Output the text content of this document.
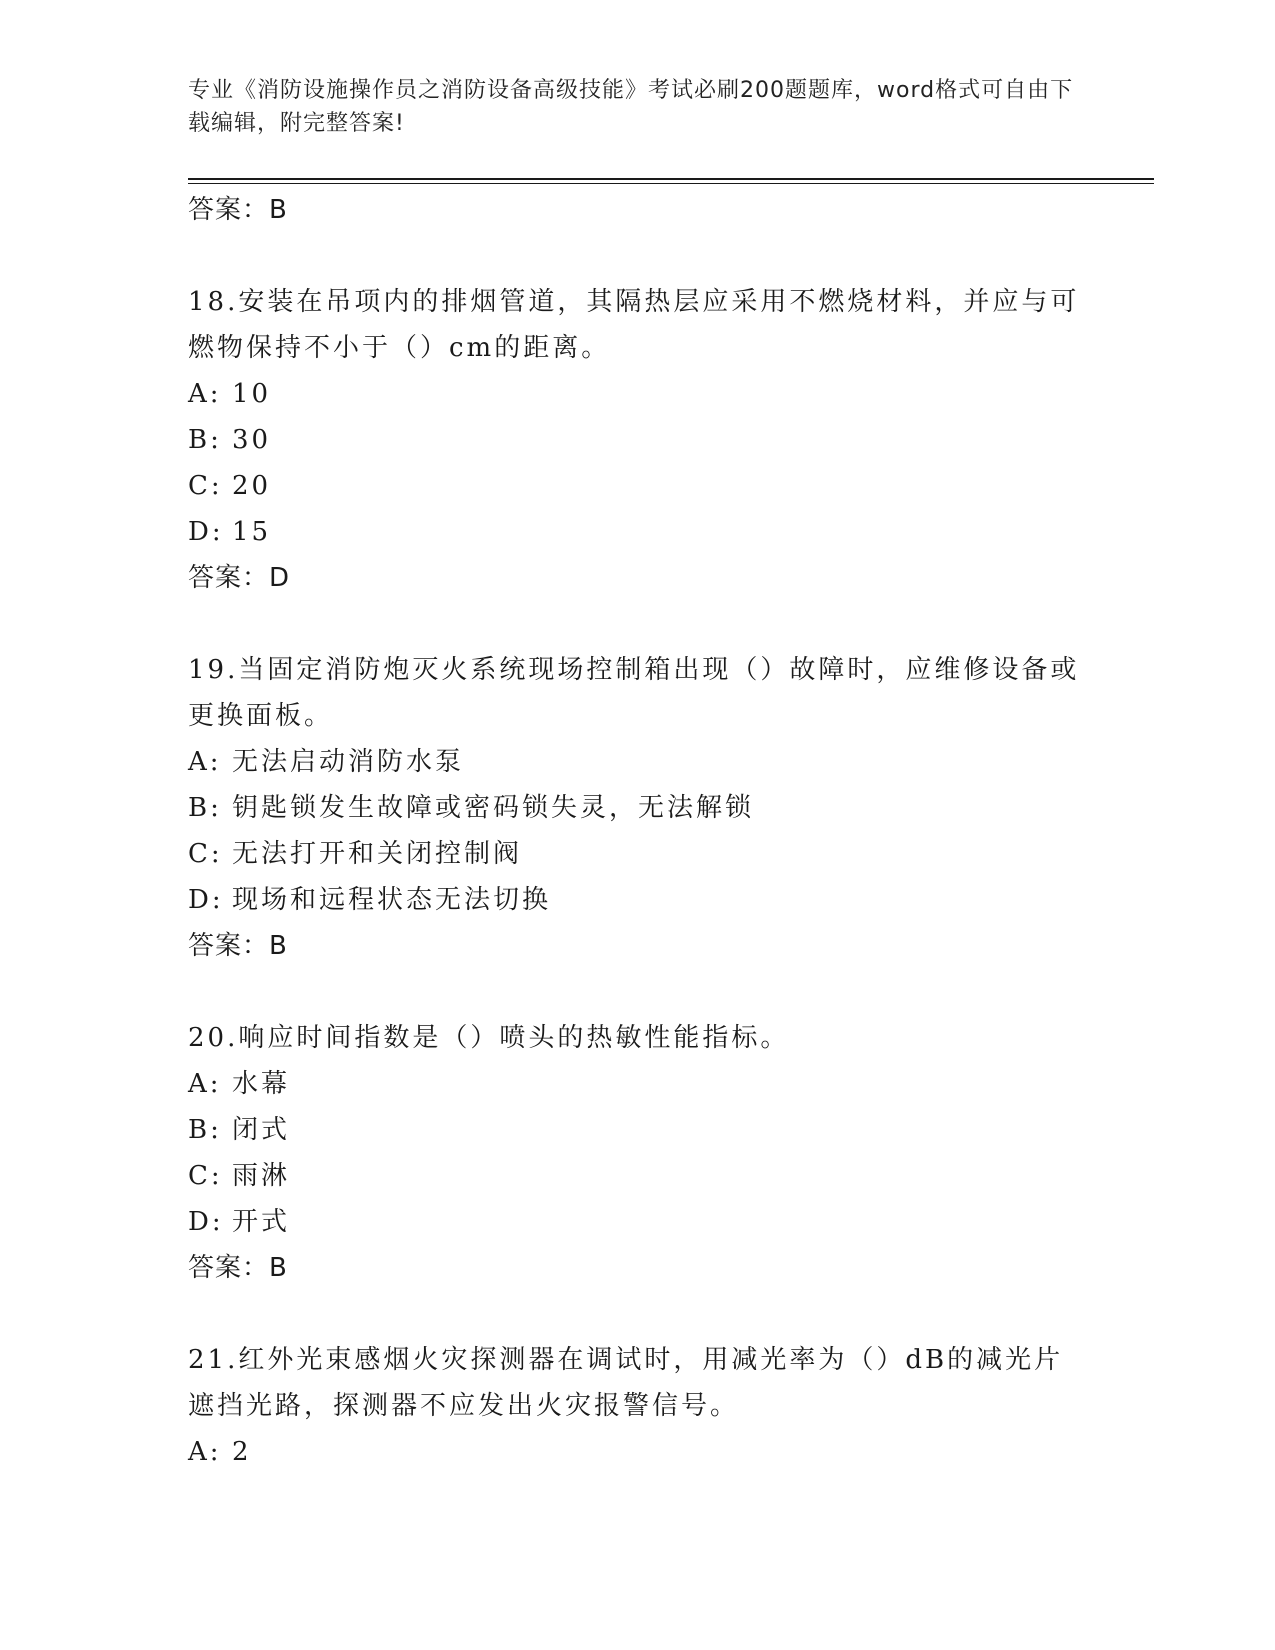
专业《消防设施操作员之消防设备高级技能》考试必刷200题题库，word格式可自由下载编辑，附完整答案!

答案：B

18.安装在吊项内的排烟管道，其隔热层应采用不燃烧材料，并应与可燃物保持不小于（）cm的距离。

A: 10

B: 30

C: 20

D: 15

答案：D

19.当固定消防炮灭火系统现场控制箱出现（）故障时，应维修设备或更换面板。

A: 无法启动消防水泵

B: 钥匙锁发生故障或密码锁失灵，无法解锁

C: 无法打开和关闭控制阀

D: 现场和远程状态无法切换

答案：B

20.响应时间指数是（）喷头的热敏性能指标。

A: 水幕

B: 闭式

C: 雨淋

D: 开式

答案：B

21.红外光束感烟火灾探测器在调试时，用减光率为（）dB的减光片遮挡光路，探测器不应发出火灾报警信号。

A: 2
